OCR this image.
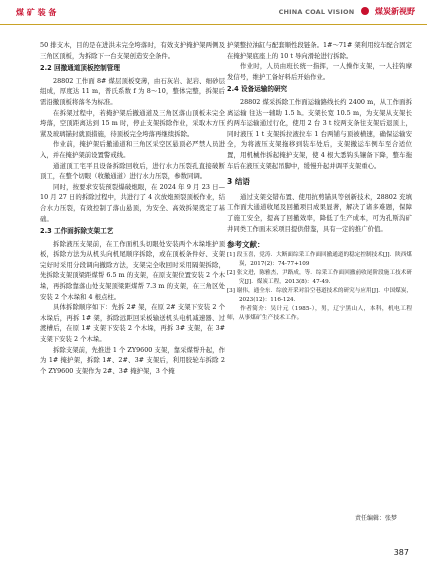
煤 矿 装 备	CHINA COAL VISION	煤炭新视野

50 排支木，目的是在进洪未完全垮落时，有效支护掩护架两侧及三角区顶板，为拆除下一台支架创造安全条件。

2.2 回撤通道顶板控制管理

28802 工作面 8# 煤层顶板变薄，由石灰岩、泥岩、细砂层组成，厚度达 11 m，普氏系数 f 为 8～10，整体完整，拆架后需沿撤顶板将落冬为标准。

在拆架过程中，若掩护架后撤通道及三角区落山顶板未完全垮落，空顶距离达到 15 m 时，停止支架拆除作业，采取木方压紧及玻璃锚封就顶措施，待顶板完全垮落再继续拆除。

作业前，掩护架后撤通道和三角区采空区悬顶必严禁人员进入，并在掩护架前设置警戒线。

通道顶工宅平且设备拆除回收后，进行水力压裂孔直接破断顶工，在整个切眼（收撤通道）进行水力压裂，参数同调。

同时，按要求安装预裂爆破炮眼，在 2024 年 9 月 23 日—10 月 27 日的拆除过程中，共进行了 4 次放炮预裂顶板作业，结合水力压裂，有效控制了落山悬顶，为安全、高效拆架奠定了基础。

2.3 工作面拆除支架工艺

拆除液压支架前，在工作面机头切眼处安装两个木垛堆护顶板，拆除方法为从机头向机尾顺序拆除，或在顶板条件好、支架完好时采用分段调向撤除方法，支架完全收回时采用隔架拆除，先拆除支架顶梁距煤帮 6.5 m 的支架，在原支架位置安装 2 个木垛，再拆除靠落山处支架顶梁距煤帮 7.3 m 的支架，在三角区处安装 2 个木垛和 4 根点柱。

具体拆除顺序如下：先拆 2# 架，在原 2# 支架下安装 2 个木垛后，再拆 1# 架，拆除远距回采板输送机头电机减速器、过渡槽后，在原 1# 支架下安装 2 个木垛，再拆 3# 支架，在 3# 支架下安装 2 个木垛。

拆除支架前，先推进 1 个 ZY9600 支架，靠采煤帮升起，作为 1# 掩护架，拆除 1#、2#、3# 支架后，利用胶轮车拆除 2 个 ZY9600 支架作为 2#、3# 掩护架，3 个掩

护架整拉油缸与配套顺性段链条。1#～71# 架利用绞车配合固定在掩护架底座上的 10 t 导向滑轮进行拆除。

作业时，人员由班长统一指挥，一人操作支架，一人挂钩摩发信号，维护工备好料后开始作业。

2.4 设备运输的研究

28802 煤采拆除工作面运输路线长约 2400 m，从工作面拆离运输 往达一辅助 1.5 h。支架长宽 10.5 m，为支架从支架长约两车运输通过行化，使用 2 台 3 t 绞两支条往支架后退顶上，同时液压 1 t 支架拆拉液拉车 1 台两铺与顶被横速，确保运输安全，为将液压支架拖移到装车处后，支架撤运车例车至合适位置，用机械作拆起掩护支架，使 4 根大悉钩头镶备下降，整车拖车后在液压支架起吊脚中，缓慢升起并调平支架重心。

3 结语

通过支架交错布置、使用抗剪锚具等创新技术，28802 充填工作面大通道收尾及回撤项目成果显著，解决了诸多难题，保障了施工安全，提高了回撤效率，降低了生产成本，可为孔斯沟矿井同类工作面末采项目提供借鉴，具有一定的推广价值。

参考文献：
[1] 段玉喜，党涛．大断面综采工作面回撤通道的稳定控制技术[J]．陕西煤炭，2017(2)：74-77+109
[2] 张文进，陈雅杰，尹路成，等．综采工作面回撤前收尾阶段施工技术研究[J]．煤炭工程，2013(8)：47-49.
[3] 谢伟，通全东．综放开采对沿空巷道技术的研究与应用[J]．中国煤炭，2023(12)：116-124.

作者简介：吴计元（1985-），男，辽宁黑山人，本科，机电工程师，从事煤矿生产技术工作。

责任编辑：张梦
387
